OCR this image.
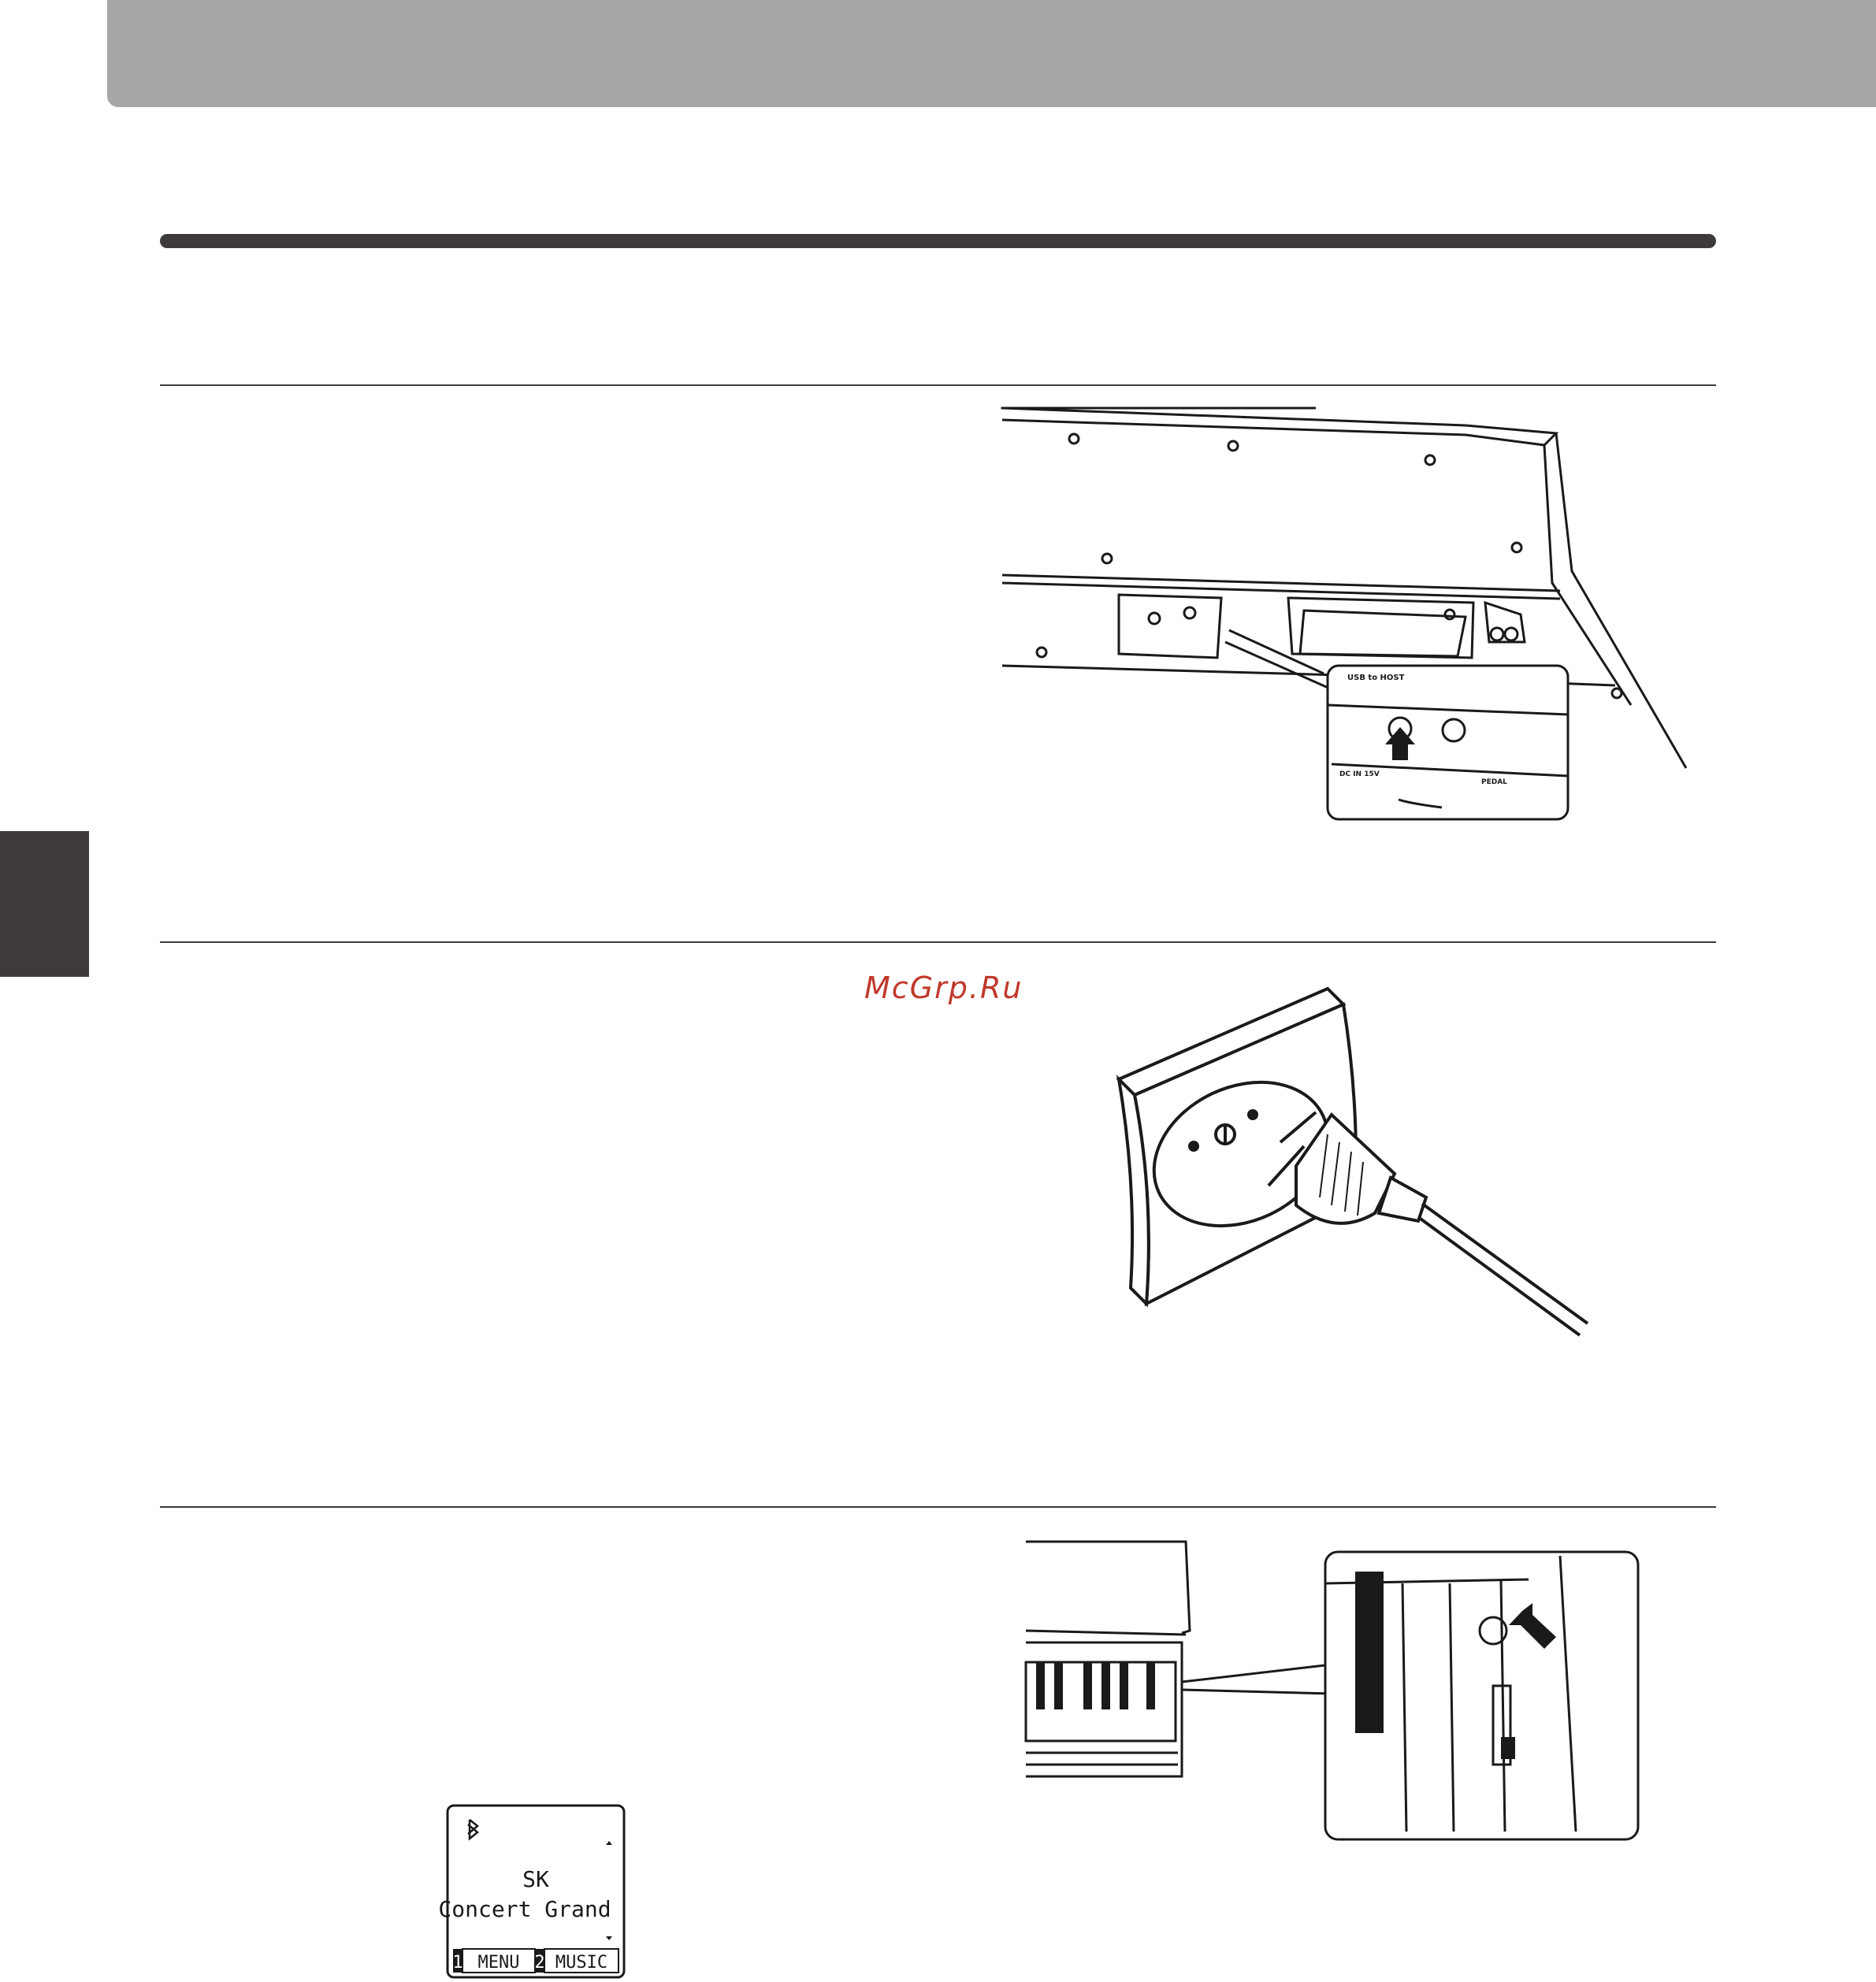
McGrp.Ru
USB to HOST
DC IN 15V
PEDAL
SK
Concert Grand
1 MENU 2 MUSIC
